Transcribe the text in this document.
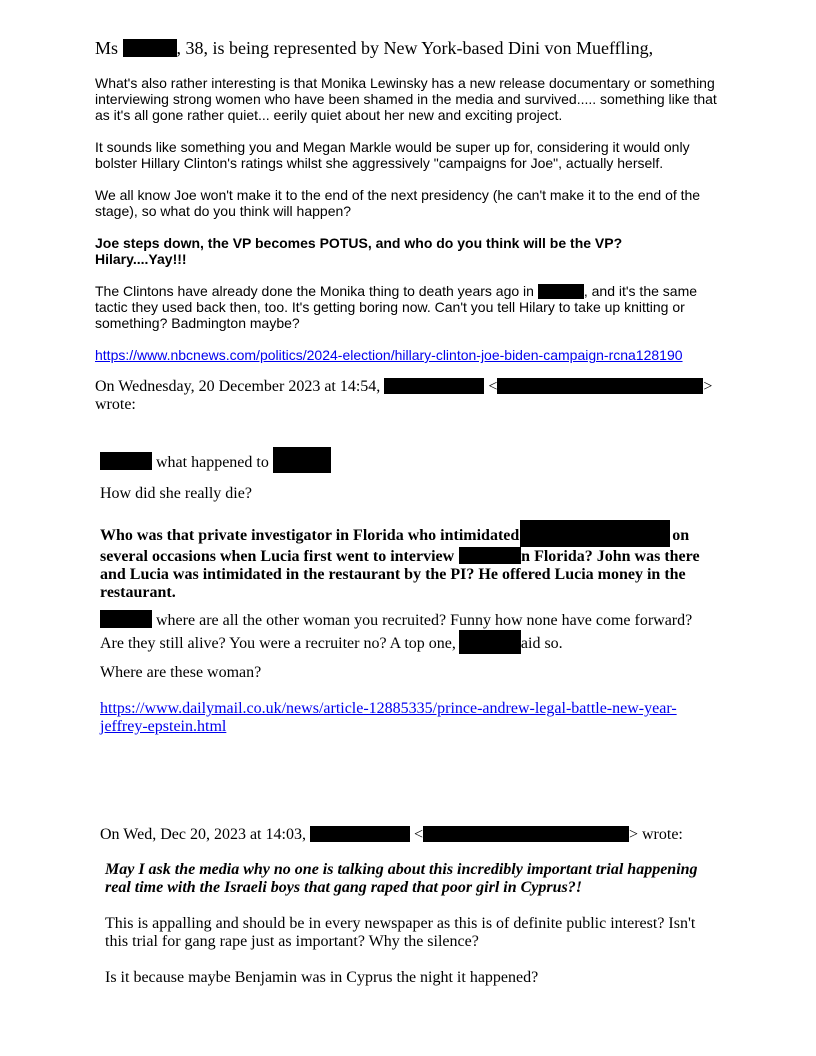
Ms	, 38, is being represented by New York-based Dini von Mueffling,
What's also rather interesting is that Monika Lewinsky has a new release documentary or something
interviewing strong women who have been shamed in the media and survived..... something like that
as it's all gone rather quiet... eerily quiet about her new and exciting project.
It sounds like something you and Megan Markle would be super up for, considering it would only
bolster Hillary Clinton's ratings whilst she aggressively "campaigns for Joe", actually herself.
We all know Joe won't make it to the end of the next presidency (he can't make it to the end of the
stage), so what do you think will happen?
Joe steps down, the VP becomes POTUS, and who do you think will be the VP?
Hilary....Yay!!!
The Clintons have already done the Monika thing to death years ago in	, and it's the same
tactic they used back then, too. It's getting boring now. Can't you tell Hilary to take up knitting or
something? Badmington maybe?
https://www.nbcnews.com/politics/2024-election/hillary-clinton-joe-biden-campaign-rcna128190
On Wednesday, 20 December 2023 at 14:54,	<	>
wrote:
what happened to
How did she really die?
Who was that private investigator in Florida who intimidated	on
several occasions when Lucia first went to interview	n Florida? John was there
and Lucia was intimidated in the restaurant by the PI? He offered Lucia money in the
restaurant.
where are all the other woman you recruited? Funny how none have come forward?
Are they still alive? You were a recruiter no? A top one,	aid so.
Where are these woman?
https://www.dailymail.co.uk/news/article-12885335/prince-andrew-legal-battle-new-year-
jeffrey-epstein.html
On Wed, Dec 20, 2023 at 14:03,	<	> wrote:
May I ask the media why no one is talking about this incredibly important trial happening
real time with the Israeli boys that gang raped that poor girl in Cyprus?!
This is appalling and should be in every newspaper as this is of definite public interest? Isn't
this trial for gang rape just as important? Why the silence?
Is it because maybe Benjamin was in Cyprus the night it happened?
